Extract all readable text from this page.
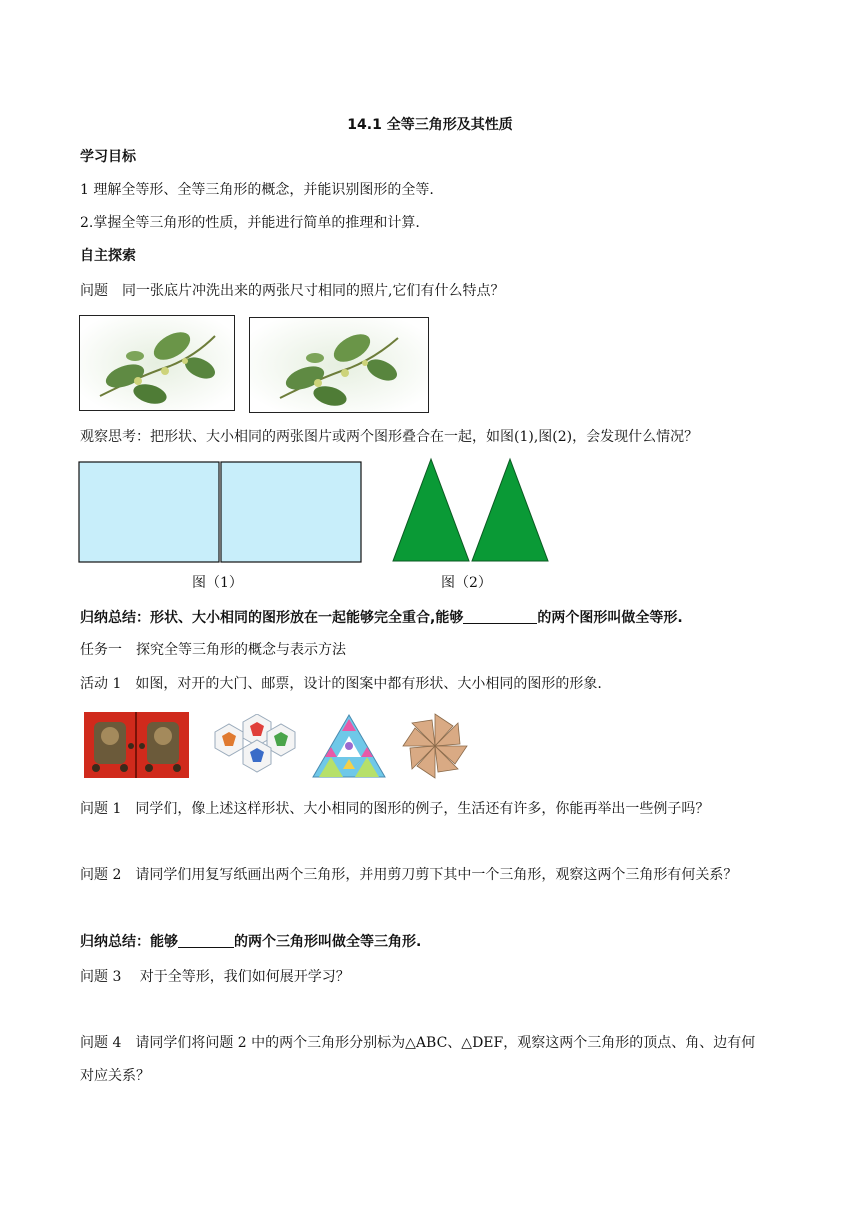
14.1 全等三角形及其性质
学习目标
1 理解全等形、全等三角形的概念，并能识别图形的全等.
2.掌握全等三角形的性质，并能进行简单的推理和计算.
自主探索
问题　同一张底片冲洗出来的两张尺寸相同的照片,它们有什么特点？
观察思考：把形状、大小相同的两张图片或两个图形叠合在一起，如图(1),图(2)，会发现什么情况？
图（1）	图（2）
归纳总结：形状、大小相同的图形放在一起能够完全重合,能够	的两个图形叫做全等形.
任务一　探究全等三角形的概念与表示方法
活动 1　如图，对开的大门、邮票，设计的图案中都有形状、大小相同的图形的形象.
问题 1　同学们，像上述这样形状、大小相同的图形的例子，生活还有许多，你能再举出一些例子吗？
问题 2　请同学们用复写纸画出两个三角形，并用剪刀剪下其中一个三角形，观察这两个三角形有何关系？
归纳总结：能够	的两个三角形叫做全等三角形.
问题 3　 对于全等形，我们如何展开学习？
问题 4　请同学们将问题 2 中的两个三角形分别标为△ABC、△DEF，观察这两个三角形的顶点、角、边有何
对应关系？
